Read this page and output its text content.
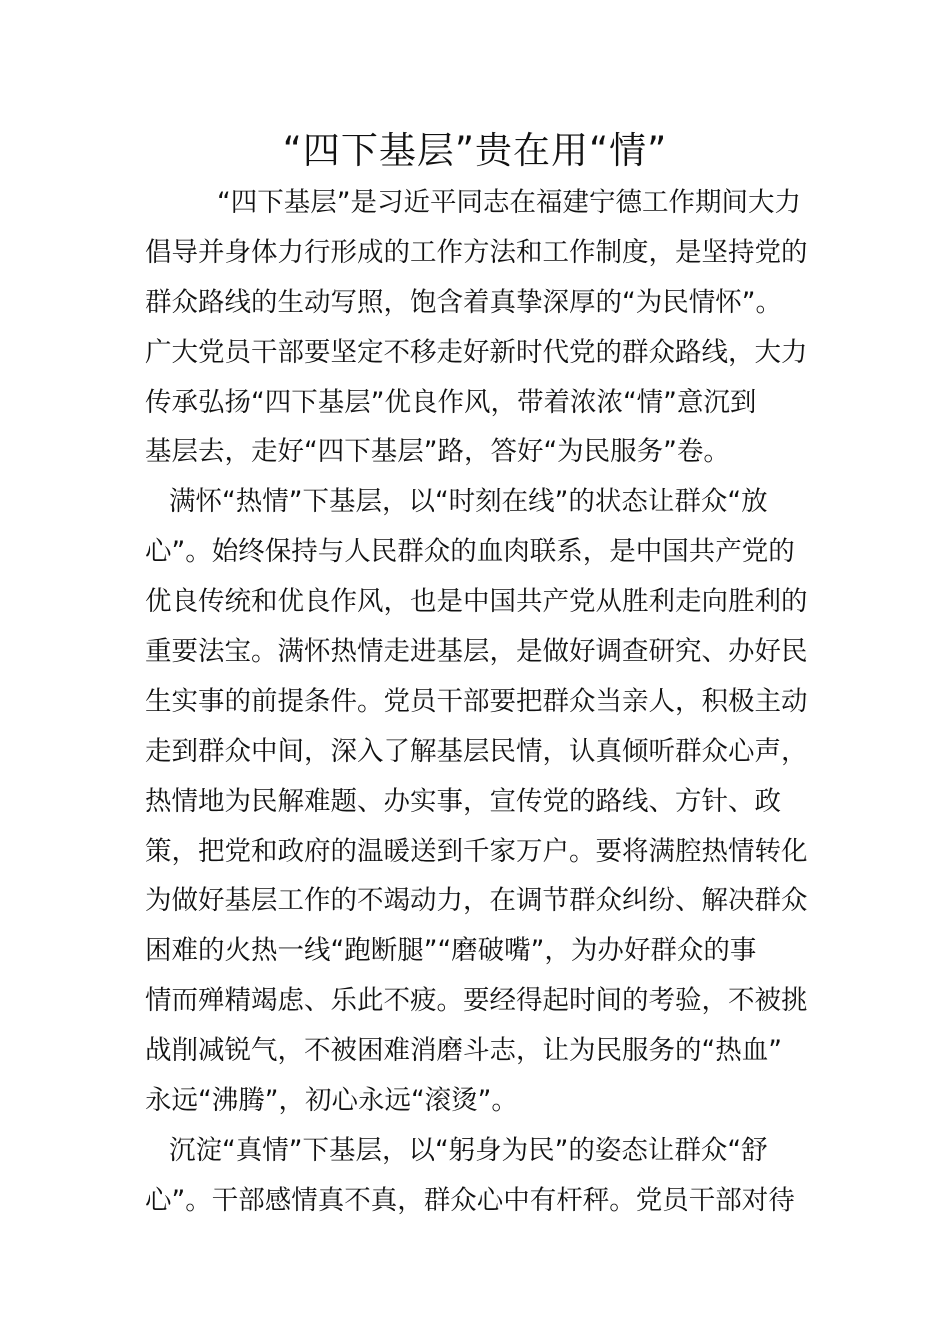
“四下基层”贵在用“情”
“四下基层”是习近平同志在福建宁德工作期间大力
倡导并身体力行形成的工作方法和工作制度，是坚持党的
群众路线的生动写照，饱含着真挚深厚的“为民情怀”。
广大党员干部要坚定不移走好新时代党的群众路线，大力
传承弘扬“四下基层”优良作风，带着浓浓“情”意沉到
基层去，走好“四下基层”路，答好“为民服务”卷。
满怀“热情”下基层，以“时刻在线”的状态让群众“放
心”。始终保持与人民群众的血肉联系，是中国共产党的
优良传统和优良作风，也是中国共产党从胜利走向胜利的
重要法宝。满怀热情走进基层，是做好调查研究、办好民
生实事的前提条件。党员干部要把群众当亲人，积极主动
走到群众中间，深入了解基层民情，认真倾听群众心声，
热情地为民解难题、办实事，宣传党的路线、方针、政
策，把党和政府的温暖送到千家万户。要将满腔热情转化
为做好基层工作的不竭动力，在调节群众纠纷、解决群众
困难的火热一线“跑断腿”“磨破嘴”，为办好群众的事
情而殚精竭虑、乐此不疲。要经得起时间的考验，不被挑
战削减锐气，不被困难消磨斗志，让为民服务的“热血”
永远“沸腾”，初心永远“滚烫”。
沉淀“真情”下基层，以“躬身为民”的姿态让群众“舒
心”。干部感情真不真，群众心中有杆秤。党员干部对待
